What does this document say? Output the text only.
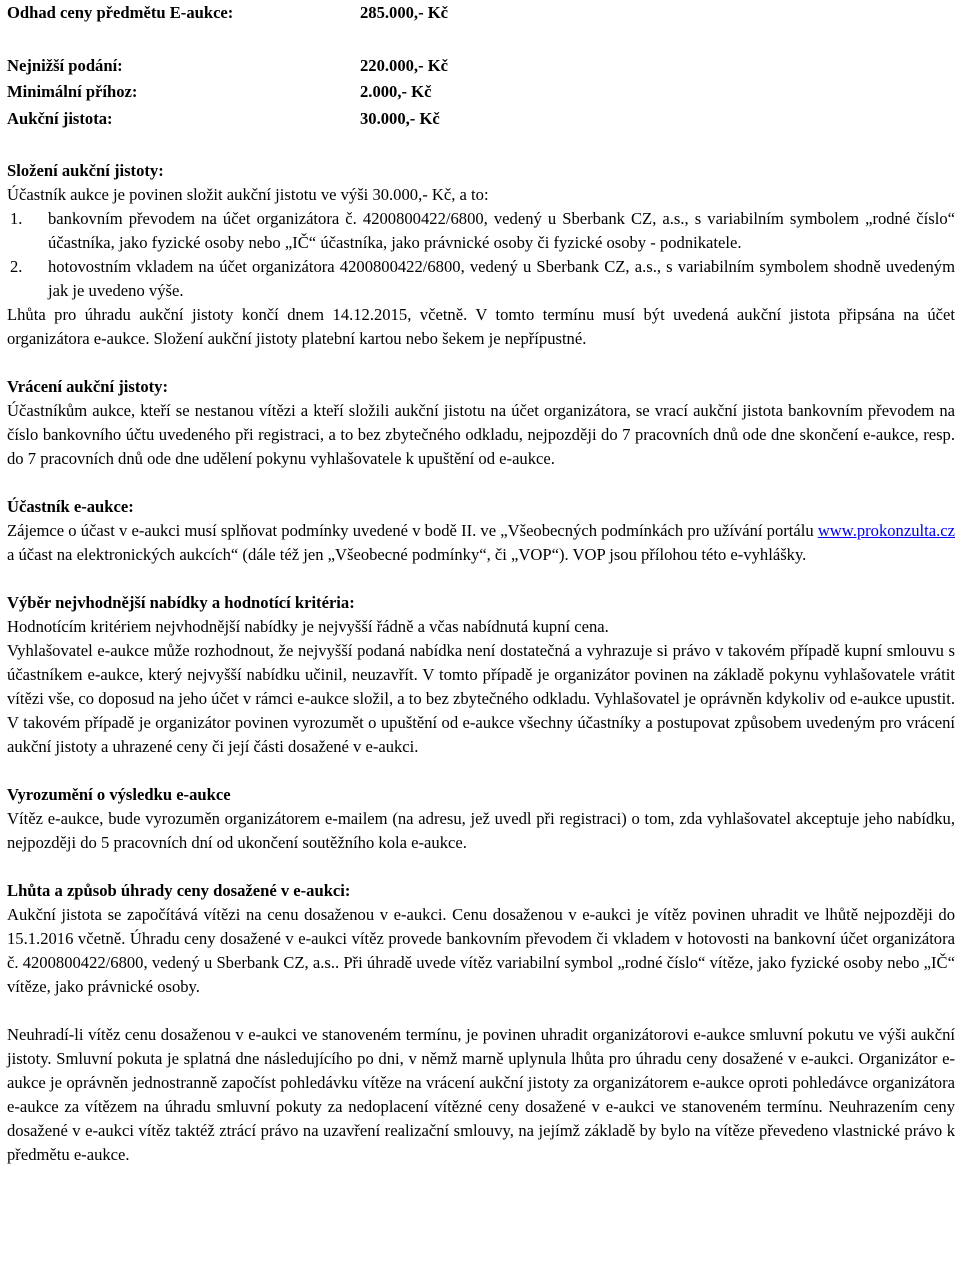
Odhad ceny předmětu E-aukce:	285.000,- Kč
Nejnižší podání:	220.000,- Kč
Minimální příhoz:	2.000,- Kč
Aukční jistota:	30.000,- Kč
Složení aukční jistoty:

Účastník aukce je povinen složit aukční jistotu ve výši 30.000,- Kč, a to:

1.	bankovním převodem na účet organizátora č. 4200800422/6800, vedený u Sberbank CZ, a.s., s variabilním symbolem „rodné číslo“ účastníka, jako fyzické osoby nebo „IČ“ účastníka, jako právnické osoby či fyzické osoby - podnikatele.
2.	hotovostním vkladem na účet organizátora 4200800422/6800, vedený u Sberbank CZ, a.s., s variabilním symbolem shodně uvedeným jak je uvedeno výše.

Lhůta pro úhradu aukční jistoty končí dnem 14.12.2015, včetně. V tomto termínu musí být uvedená aukční jistota připsána na účet organizátora e-aukce. Složení aukční jistoty platební kartou nebo šekem je nepřípustné.

Vrácení aukční jistoty:

Účastníkům aukce, kteří se nestanou vítězi a kteří složili aukční jistotu na účet organizátora, se vrací aukční jistota bankovním převodem na číslo bankovního účtu uvedeného při registraci, a to bez zbytečného odkladu, nejpozději do 7 pracovních dnů ode dne skončení e-aukce, resp. do 7 pracovních dnů ode dne udělení pokynu vyhlašovatele k upuštění od e-aukce.

Účastník e-aukce:

Zájemce o účast v e-aukci musí splňovat podmínky uvedené v bodě II. ve „Všeobecných podmínkách pro užívání portálu www.prokonzulta.cz a účast na elektronických aukcích“ (dále též jen „Všeobecné podmínky“, či „VOP“). VOP jsou přílohou této e-vyhlášky.

Výběr nejvhodnější nabídky a hodnotící kritéria:

Hodnotícím kritériem nejvhodnější nabídky je nejvyšší řádně a včas nabídnutá kupní cena.

Vyhlašovatel e-aukce může rozhodnout, že nejvyšší podaná nabídka není dostatečná a vyhrazuje si právo v takovém případě kupní smlouvu s účastníkem e-aukce, který nejvyšší nabídku učinil, neuzavřít. V tomto případě je organizátor povinen na základě pokynu vyhlašovatele vrátit vítězi vše, co doposud na jeho účet v rámci e-aukce složil, a to bez zbytečného odkladu. Vyhlašovatel je oprávněn kdykoliv od e-aukce upustit. V takovém případě je organizátor povinen vyrozumět o upuštění od e-aukce všechny účastníky a postupovat způsobem uvedeným pro vrácení aukční jistoty a uhrazené ceny či její části dosažené v e-aukci.

Vyrozumění o výsledku e-aukce

Vítěz e-aukce, bude vyrozuměn organizátorem e-mailem (na adresu, jež uvedl při registraci) o tom, zda vyhlašovatel akceptuje jeho nabídku, nejpozději do 5 pracovních dní od ukončení soutěžního kola e-aukce.

Lhůta a způsob úhrady ceny dosažené v e-aukci:

Aukční jistota se započítává vítězi na cenu dosaženou v e-aukci. Cenu dosaženou v e-aukci je vítěz povinen uhradit ve lhůtě nejpozději do 15.1.2016 včetně. Úhradu ceny dosažené v e-aukci vítěz provede bankovním převodem či vkladem v hotovosti na bankovní účet organizátora č. 4200800422/6800, vedený u Sberbank CZ, a.s.. Při úhradě uvede vítěz variabilní symbol „rodné číslo“ vítěze, jako fyzické osoby nebo „IČ“ vítěze, jako právnické osoby.

Neuhradí-li vítěz cenu dosaženou v e-aukci ve stanoveném termínu, je povinen uhradit organizátorovi e-aukce smluvní pokutu ve výši aukční jistoty. Smluvní pokuta je splatná dne následujícího po dni, v němž marně uplynula lhůta pro úhradu ceny dosažené v e-aukci. Organizátor e-aukce je oprávněn jednostranně započíst pohledávku vítěze na vrácení aukční jistoty za organizátorem e-aukce oproti pohledávce organizátora e-aukce za vítězem na úhradu smluvní pokuty za nedoplacení vítězné ceny dosažené v e-aukci ve stanoveném termínu. Neuhrazením ceny dosažené v e-aukci vítěz taktéž ztrácí právo na uzavření realizační smlouvy, na jejímž základě by bylo na vítěze převedeno vlastnické právo k předmětu e-aukce.
